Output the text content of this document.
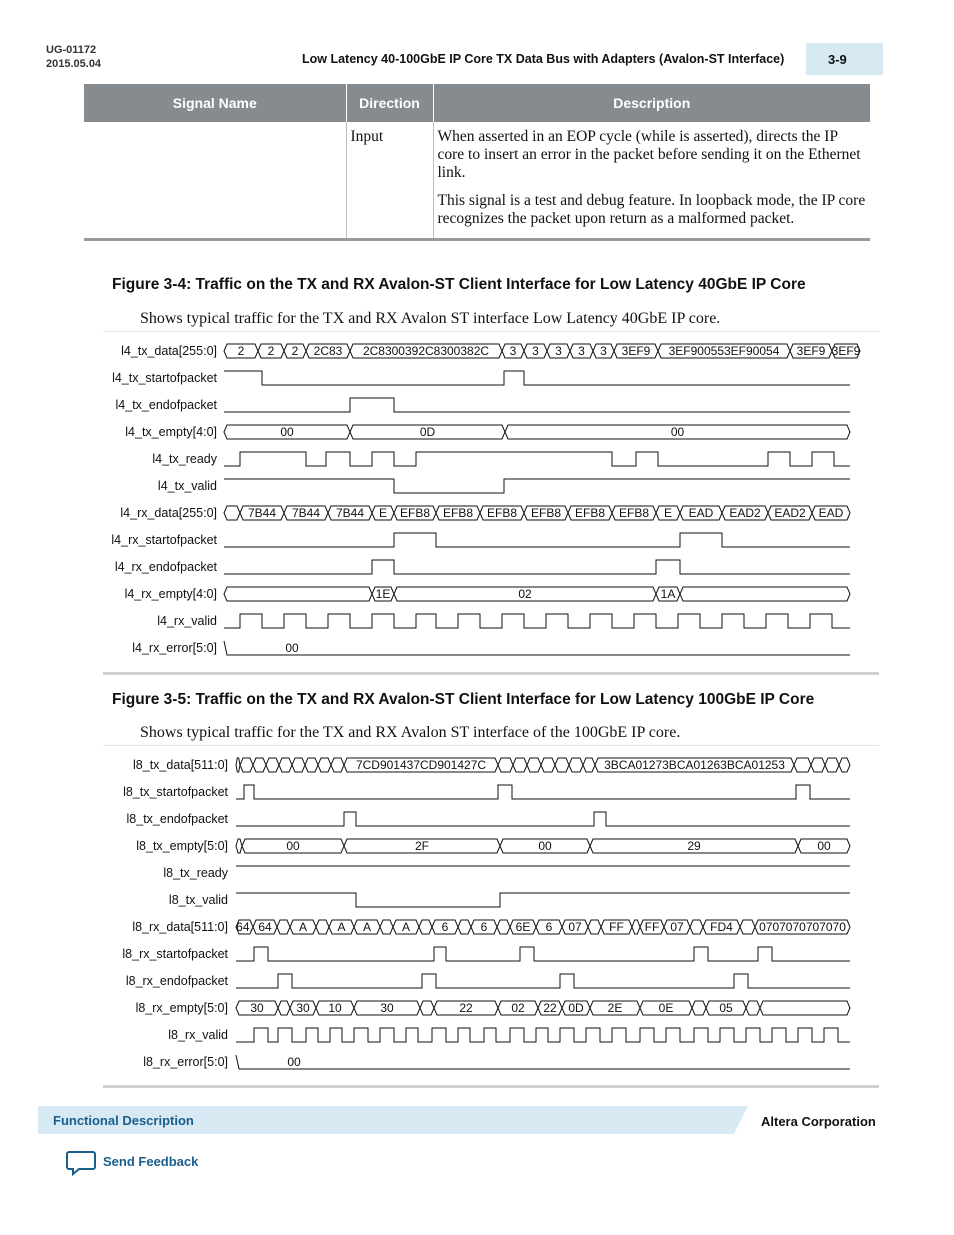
UG-01172
2015.05.04	Low Latency 40-100GbE IP Core TX Data Bus with Adapters (Avalon-ST Interface)	3-9
Signal Name	Direction	Description
	Input	When asserted in an EOP cycle (while is asserted), directs the IP core to insert an error in the packet before sending it on the Ethernet link.

This signal is a test and debug feature. In loopback mode, the IP core recognizes the packet upon return as a malformed packet.

Figure 3-4: Traffic on the TX and RX Avalon-ST Client Interface for Low Latency 40GbE IP Core
Shows typical traffic for the TX and RX Avalon ST interface Low Latency 40GbE IP core.
l4_tx_data[255:0] 2 2 2 2C83 2C8300392C8300382C 3 3 3 3 3 3EF9 3EF900553EF90054 3EF9 3EF9
l4_tx_startofpacket
l4_tx_endofpacket
l4_tx_empty[4:0]	00	0D	00
l4_tx_ready
l4_tx_valid
l4_rx_data[255:0]	7B44 7B44 7B44 E EFB8 EFB8 EFB8 EFB8 EFB8 EFB8 E EAD EAD2 EAD2 EAD
l4_rx_startofpacket
l4_rx_endofpacket
l4_rx_empty[4:0]	1E	02	1A
l4_rx_valid
l4_rx_error[5:0]	00
Figure 3-5: Traffic on the TX and RX Avalon-ST Client Interface for Low Latency 100GbE IP Core
Shows typical traffic for the TX and RX Avalon ST interface of the 100GbE IP core.
l8_tx_data[511:0]	7CD901437CD901427C	3BCA01273BCA01263BCA01253
l8_tx_startofpacket
l8_tx_endofpacket
l8_tx_empty[5:0]	00	2F	00	29	00
l8_tx_ready
l8_tx_valid
l8_rx_data[511:0] 64. 64 A	A A	A	6	6 6E 6 07 FF FF 07 FD4 0707070707070
l8_rx_startofpacket
l8_rx_endofpacket
l8_rx_empty[5:0] 30	30 10	30	22	02 22 0D 2E	0E	05
l8_rx_valid
l8_rx_error[5:0]	00
Functional Description	Altera Corporation
Send Feedback
